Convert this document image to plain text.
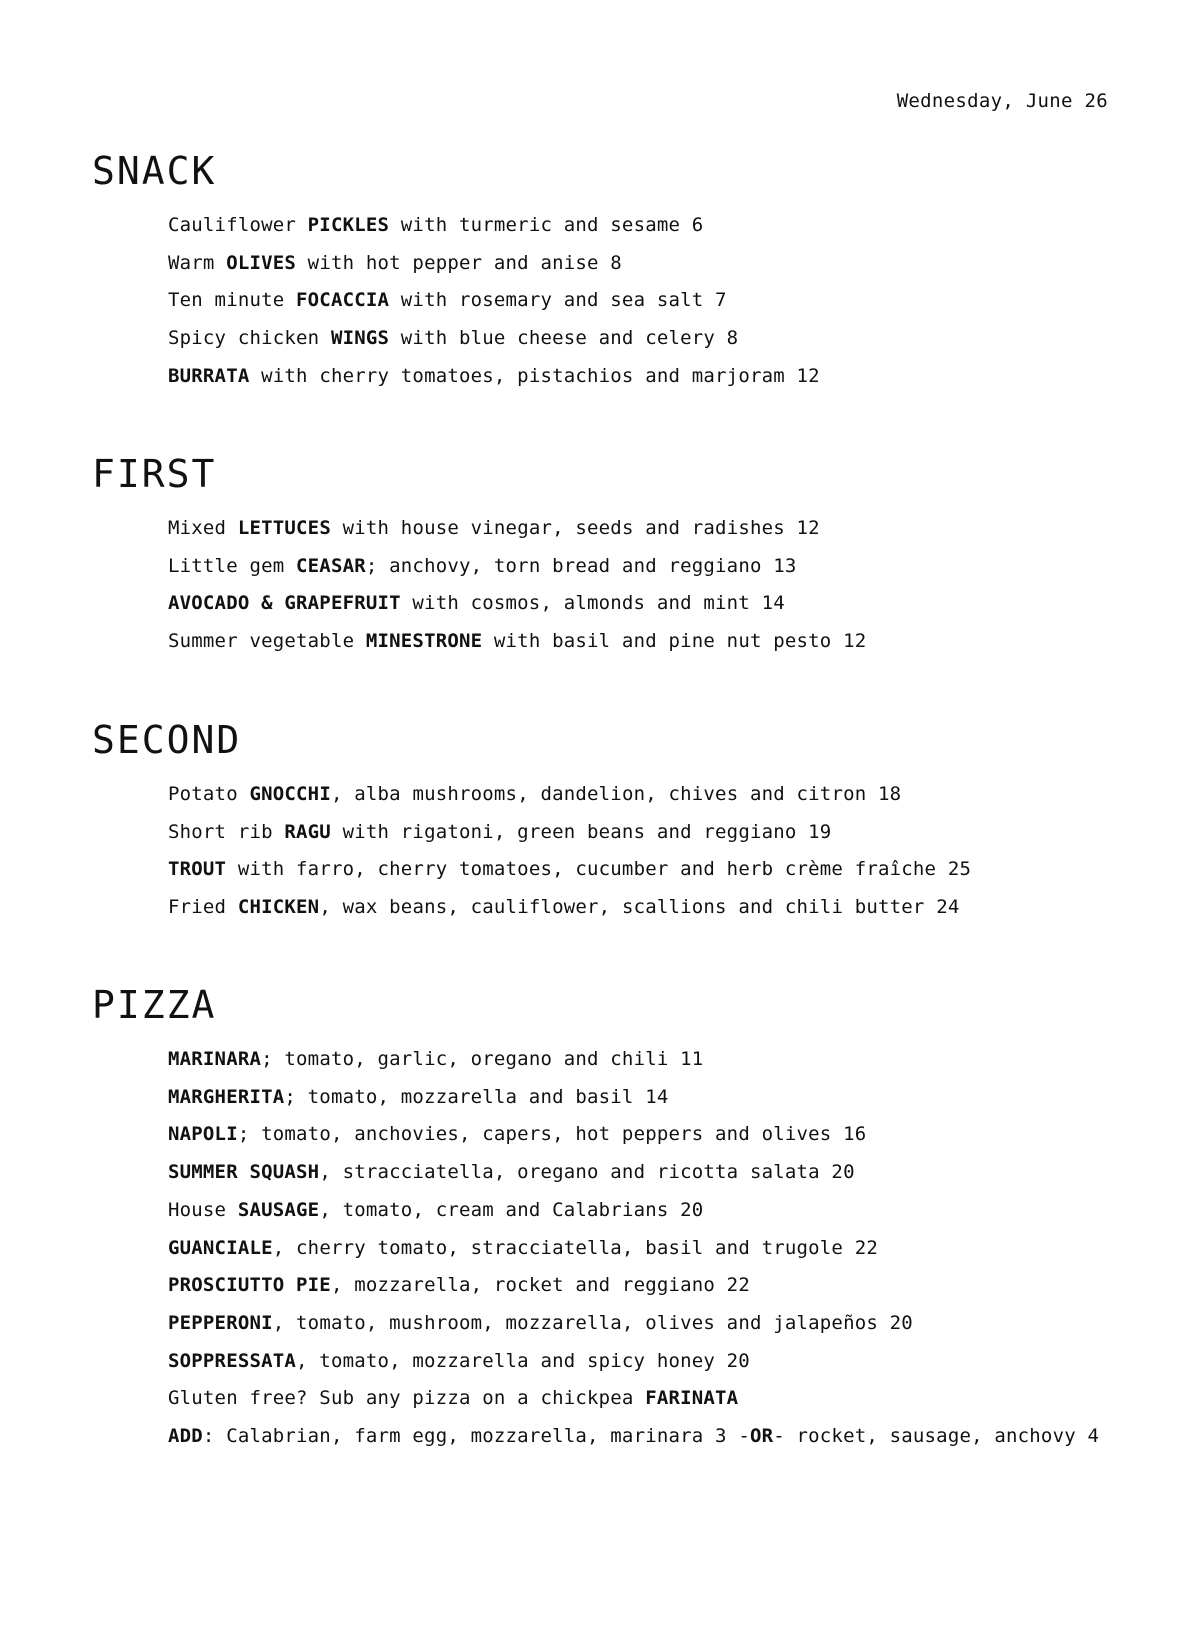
Wednesday, June 26
SNACK
Cauliflower PICKLES with turmeric and sesame 6
Warm OLIVES with hot pepper and anise 8
Ten minute FOCACCIA with rosemary and sea salt 7
Spicy chicken WINGS with blue cheese and celery 8
BURRATA with cherry tomatoes, pistachios and marjoram 12
FIRST
Mixed LETTUCES with house vinegar, seeds and radishes 12
Little gem CEASAR; anchovy, torn bread and reggiano 13
AVOCADO & GRAPEFRUIT with cosmos, almonds and mint 14
Summer vegetable MINESTRONE with basil and pine nut pesto 12
SECOND
Potato GNOCCHI, alba mushrooms, dandelion, chives and citron 18
Short rib RAGU with rigatoni, green beans and reggiano 19
TROUT with farro, cherry tomatoes, cucumber and herb crème fraîche 25
Fried CHICKEN, wax beans, cauliflower, scallions and chili butter 24
PIZZA
MARINARA; tomato, garlic, oregano and chili 11
MARGHERITA; tomato, mozzarella and basil 14
NAPOLI; tomato, anchovies, capers, hot peppers and olives 16
SUMMER SQUASH, stracciatella, oregano and ricotta salata 20
House SAUSAGE, tomato, cream and Calabrians 20
GUANCIALE, cherry tomato, stracciatella, basil and trugole 22
PROSCIUTTO PIE, mozzarella, rocket and reggiano 22
PEPPERONI, tomato, mushroom, mozzarella, olives and jalapeños 20
SOPPRESSATA, tomato, mozzarella and spicy honey 20
Gluten free? Sub any pizza on a chickpea FARINATA
ADD: Calabrian, farm egg, mozzarella, marinara 3 -OR- rocket, sausage, anchovy 4
